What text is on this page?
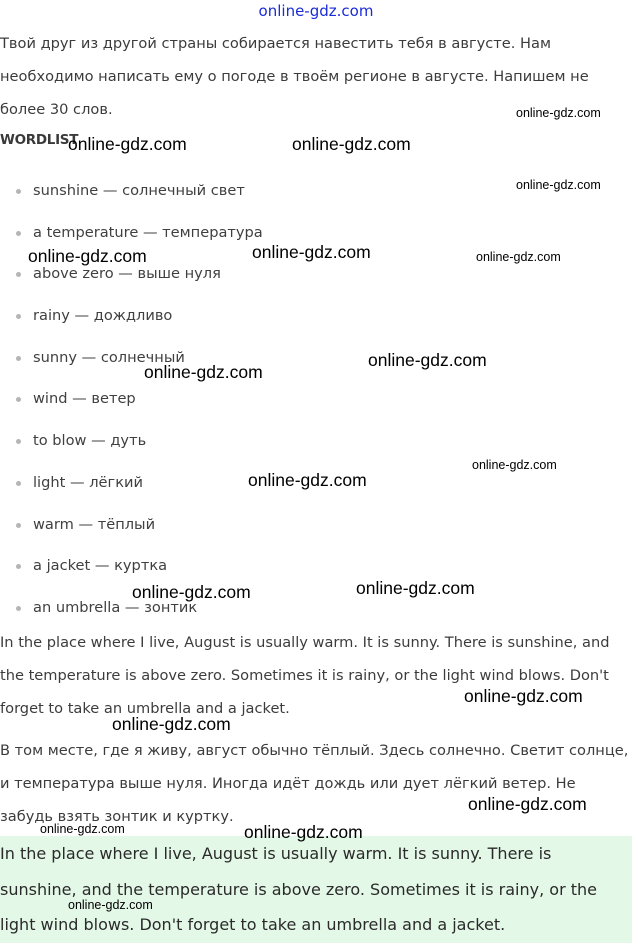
online-gdz.com

Твой друг из другой страны собирается навестить тебя в августе. Нам необходимо написать ему о погоде в твоём регионе в августе. Напишем не более 30 слов.

WORDLIST
sunshine — солнечный свет
a temperature — температура
above zero — выше нуля
rainy — дождливо
sunny — солнечный
wind — ветер
to blow — дуть
light — лёгкий
warm — тёплый
a jacket — куртка
an umbrella — зонтик

In the place where I live, August is usually warm. It is sunny. There is sunshine, and the temperature is above zero. Sometimes it is rainy, or the light wind blows. Don't forget to take an umbrella and a jacket.

В том месте, где я живу, август обычно тёплый. Здесь солнечно. Светит солнце, и температура выше нуля. Иногда идёт дождь или дует лёгкий ветер. Не забудь взять зонтик и куртку.

In the place where I live, August is usually warm. It is sunny. There is sunshine, and the temperature is above zero. Sometimes it is rainy, or the light wind blows. Don't forget to take an umbrella and a jacket.

online-gdz.com	online-gdz.com
online-gdz.com
online-gdz.com
online-gdz.com	online-gdz.com	online-gdz.com
online-gdz.com
online-gdz.com
online-gdz.com
online-gdz.com
online-gdz.com
online-gdz.com
online-gdz.com
online-gdz.com
online-gdz.com
online-gdz.com	online-gdz.com
online-gdz.com
